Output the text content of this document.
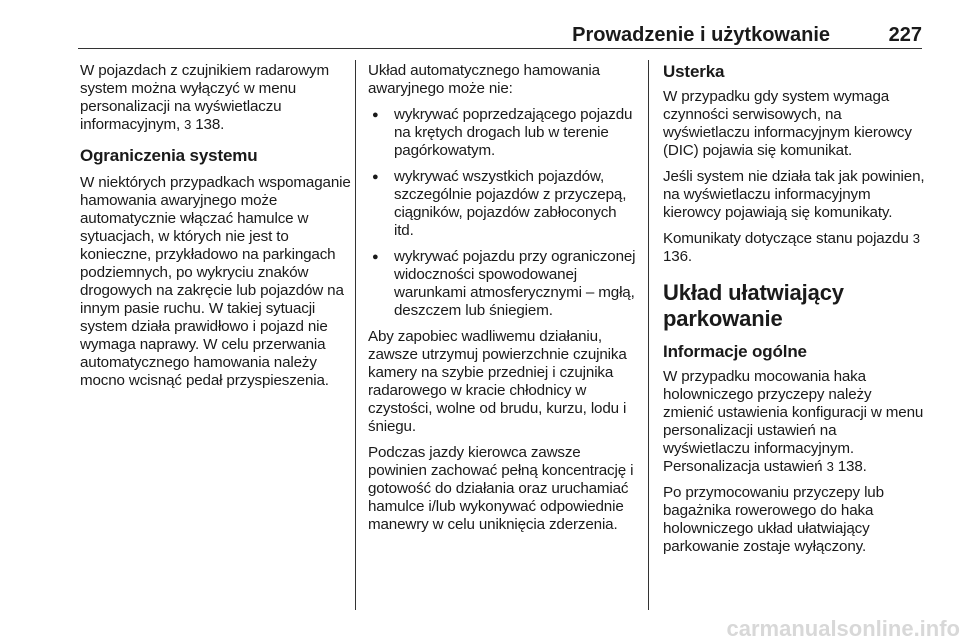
Prowadzenie i użytkowanie	227

W pojazdach z czujnikiem radarowym system można wyłączyć w menu personalizacji na wyświetlaczu informacyjnym, 3 138.

Ograniczenia systemu

W niektórych przypadkach wspomaganie hamowania awaryjnego może automatycznie włączać hamulce w sytuacjach, w których nie jest to konieczne, przykładowo na parkingach podziemnych, po wykryciu znaków drogowych na zakręcie lub pojazdów na innym pasie ruchu. W takiej sytuacji system działa prawidłowo i pojazd nie wymaga naprawy. W celu przerwania automatycznego hamowania należy mocno wcisnąć pedał przyspieszenia.

Układ automatycznego hamowania awaryjnego może nie:

● wykrywać poprzedzającego pojazdu na krętych drogach lub w terenie pagórkowatym.
● wykrywać wszystkich pojazdów, szczególnie pojazdów z przyczepą, ciągników, pojazdów zabłoconych itd.
● wykrywać pojazdu przy ograniczonej widoczności spowodowanej warunkami atmosferycznymi – mgłą, deszczem lub śniegiem.

Aby zapobiec wadliwemu działaniu, zawsze utrzymuj powierzchnie czujnika kamery na szybie przedniej i czujnika radarowego w kracie chłodnicy w czystości, wolne od brudu, kurzu, lodu i śniegu.

Podczas jazdy kierowca zawsze powinien zachować pełną koncentrację i gotowość do działania oraz uruchamiać hamulce i/lub wykonywać odpowiednie manewry w celu uniknięcia zderzenia.

Usterka

W przypadku gdy system wymaga czynności serwisowych, na wyświetlaczu informacyjnym kierowcy (DIC) pojawia się komunikat.

Jeśli system nie działa tak jak powinien, na wyświetlaczu informacyjnym kierowcy pojawiają się komunikaty.

Komunikaty dotyczące stanu pojazdu 3 136.

Układ ułatwiający parkowanie
Informacje ogólne

W przypadku mocowania haka holowniczego przyczepy należy zmienić ustawienia konfiguracji w menu personalizacji ustawień na wyświetlaczu informacyjnym. Personalizacja ustawień 3 138.

Po przymocowaniu przyczepy lub bagażnika rowerowego do haka holowniczego układ ułatwiający parkowanie zostaje wyłączony.

carmanualsonline.info
